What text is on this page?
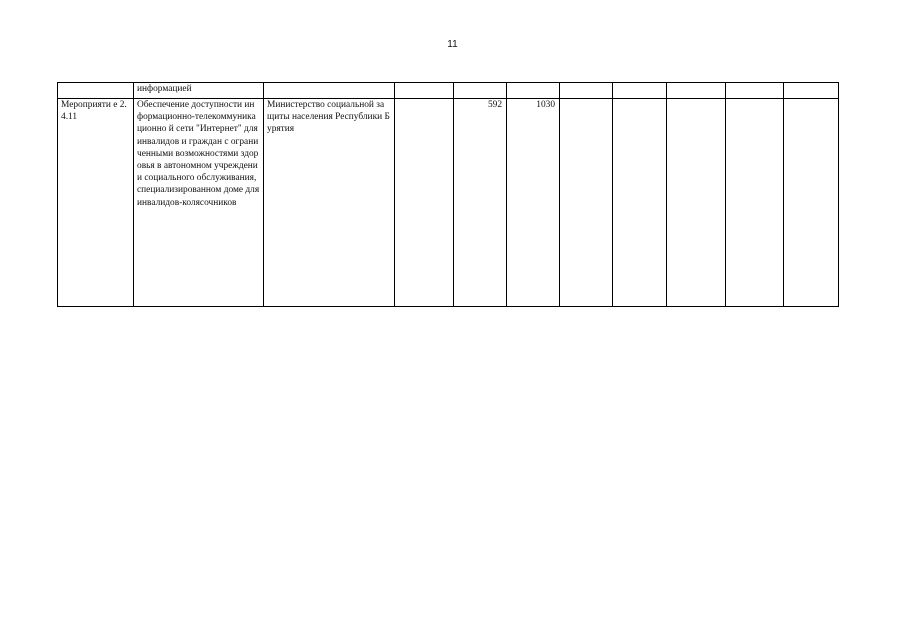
11
	информацией									
Мероприяти е 2.4.11	Обеспечение доступности информационно-телекоммуникационно й сети "Интернет" для инвалидов и граждан с ограниченными возможностями здоровья в автономном учреждении социального обслуживания, специализированном доме для инвалидов-колясочников	Министерство социальной защиты населения Республики Бурятия		592	1030					
